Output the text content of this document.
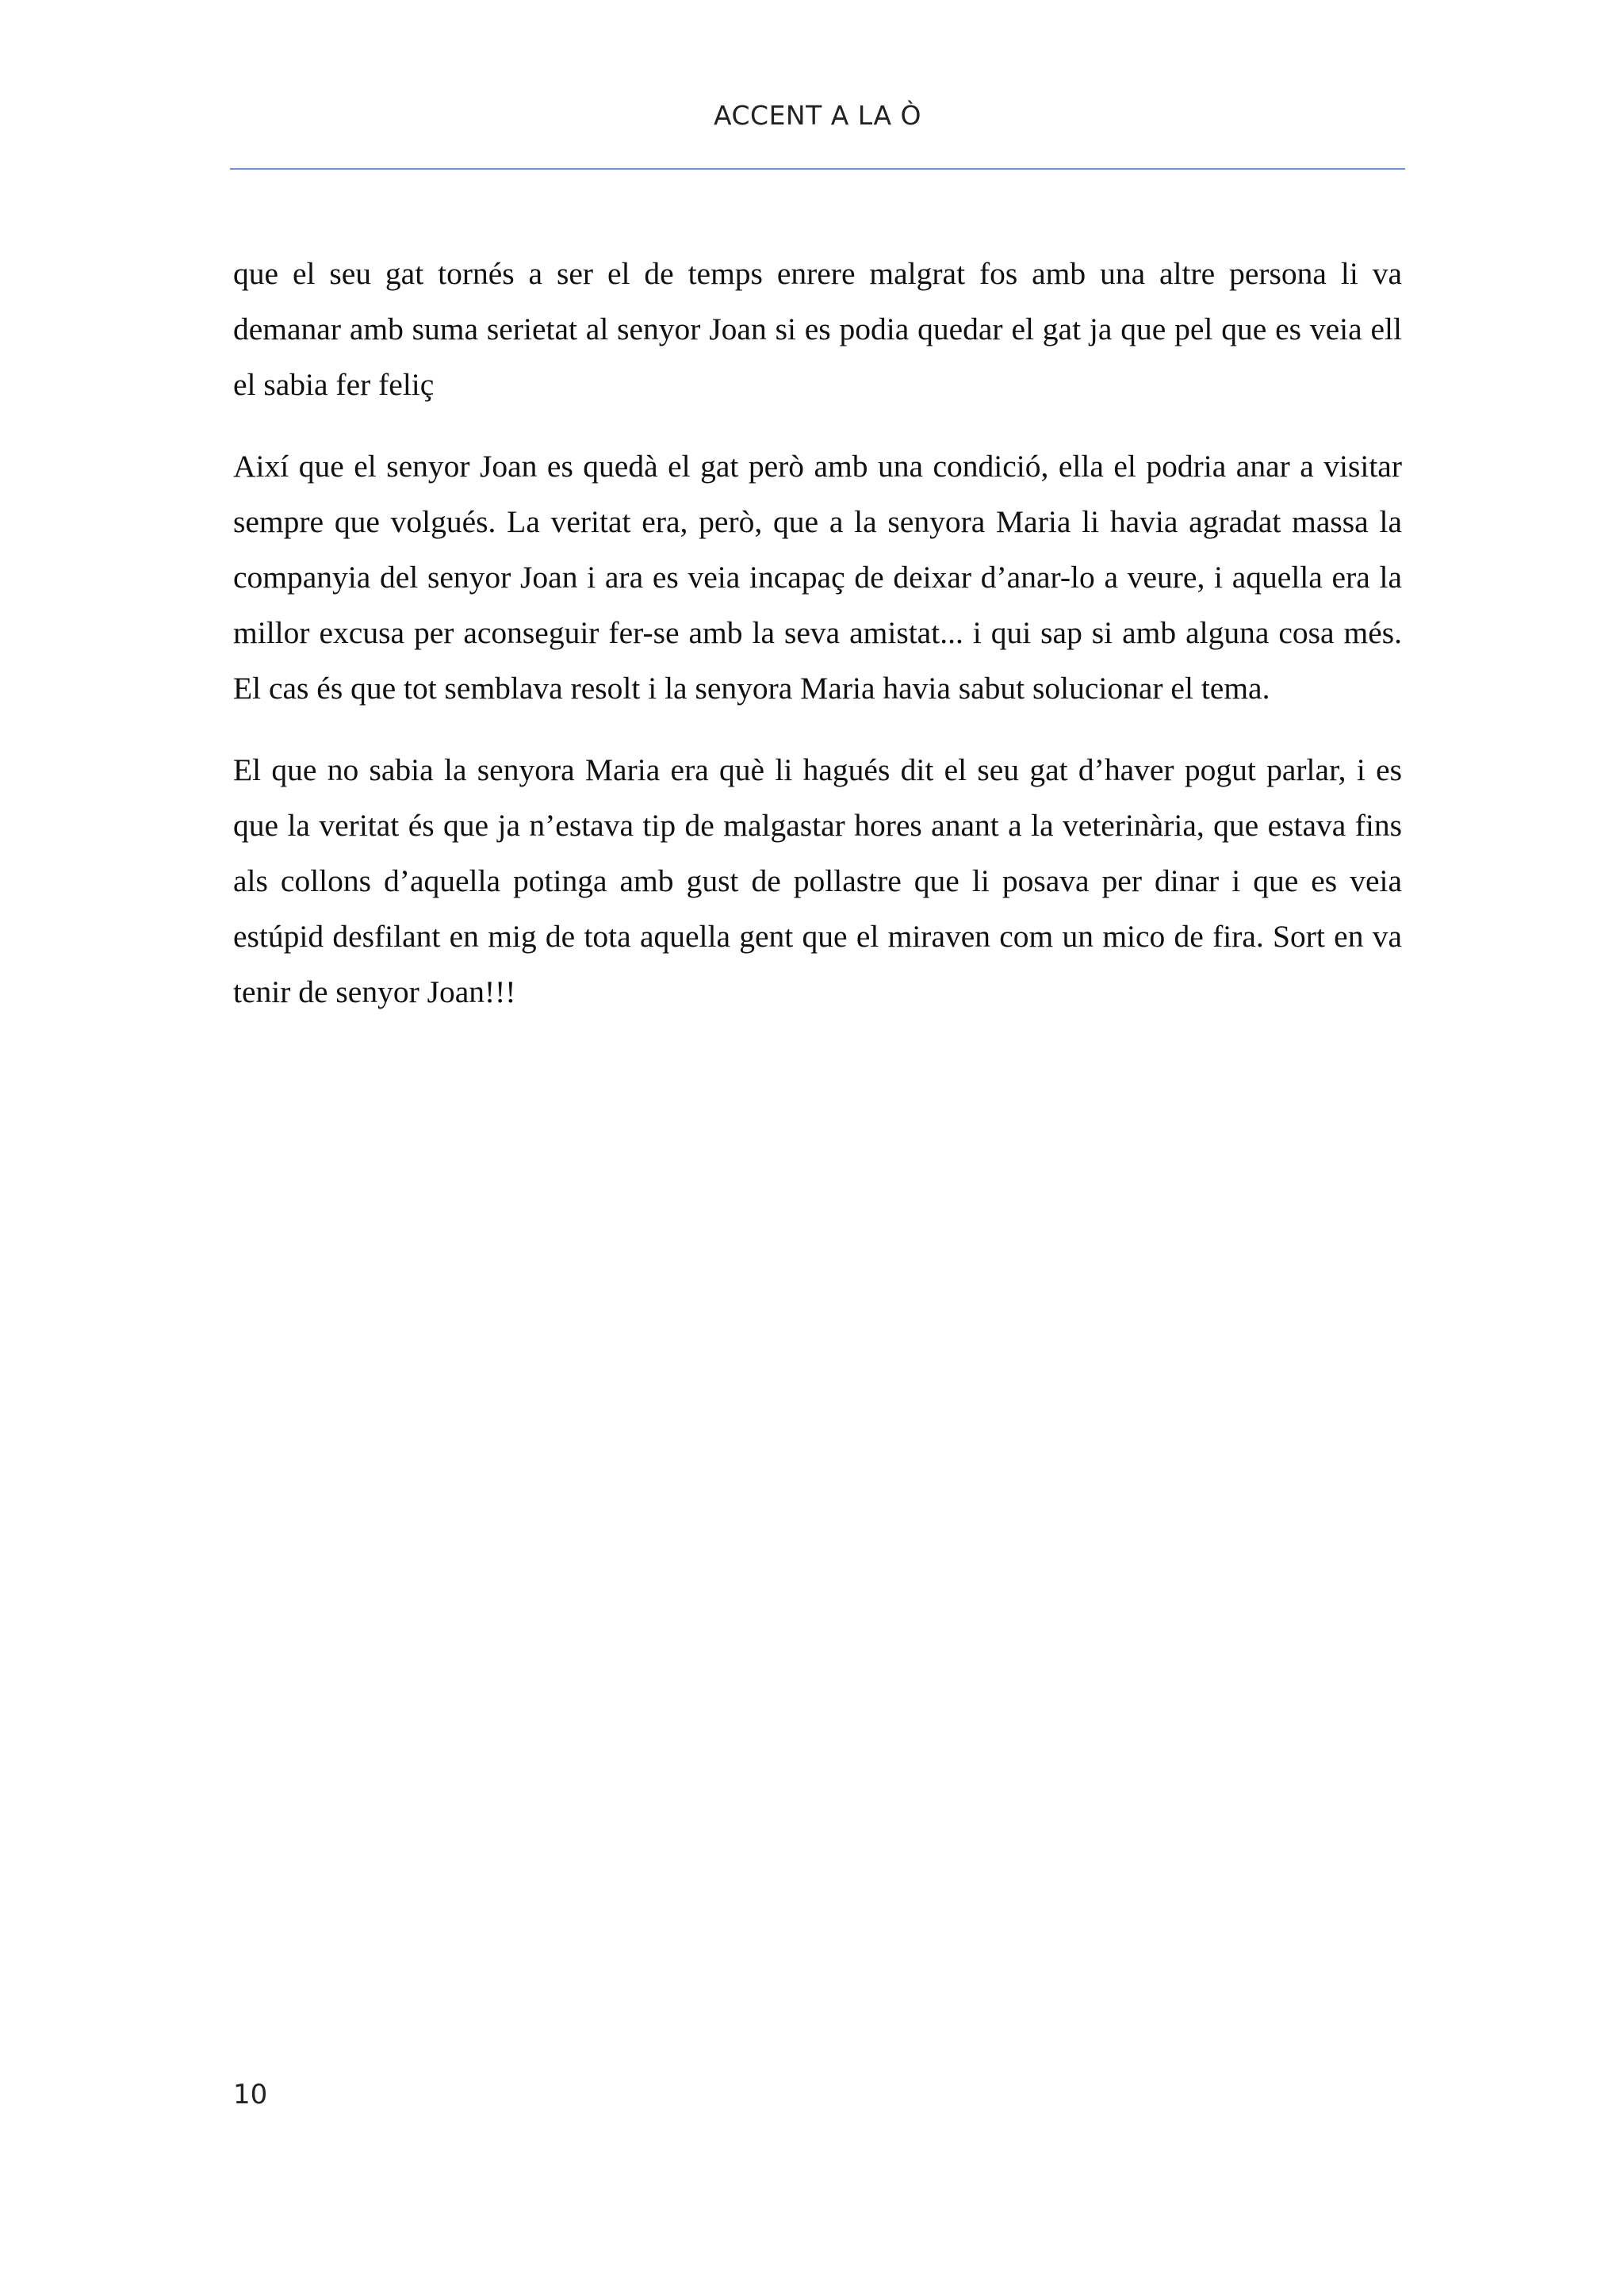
ACCENT A LA Ò

que el seu gat tornés a ser el de temps enrere malgrat fos amb una altre persona li va demanar amb suma serietat al senyor Joan si es podia quedar el gat ja que pel que es veia ell el sabia fer feliç

Així que el senyor Joan es quedà el gat però amb una condició, ella el podria anar a visitar sempre que volgués. La veritat era, però, que a la senyora Maria li havia agradat massa la companyia del senyor Joan i ara es veia incapaç de deixar d’anar-lo a veure, i aquella era la millor excusa per aconseguir fer-se amb la seva amistat... i qui sap si amb alguna cosa més. El cas és que tot semblava resolt i la senyora Maria havia sabut solucionar el tema.

El que no sabia la senyora Maria era què li hagués dit el seu gat d’haver pogut parlar, i es que la veritat és que ja n’estava tip de malgastar hores anant a la veterinària, que estava fins als collons d’aquella potinga amb gust de pollastre que li posava per dinar i que es veia estúpid desfilant en mig de tota aquella gent que el miraven com un mico de fira. Sort en va tenir de senyor Joan!!!

10
